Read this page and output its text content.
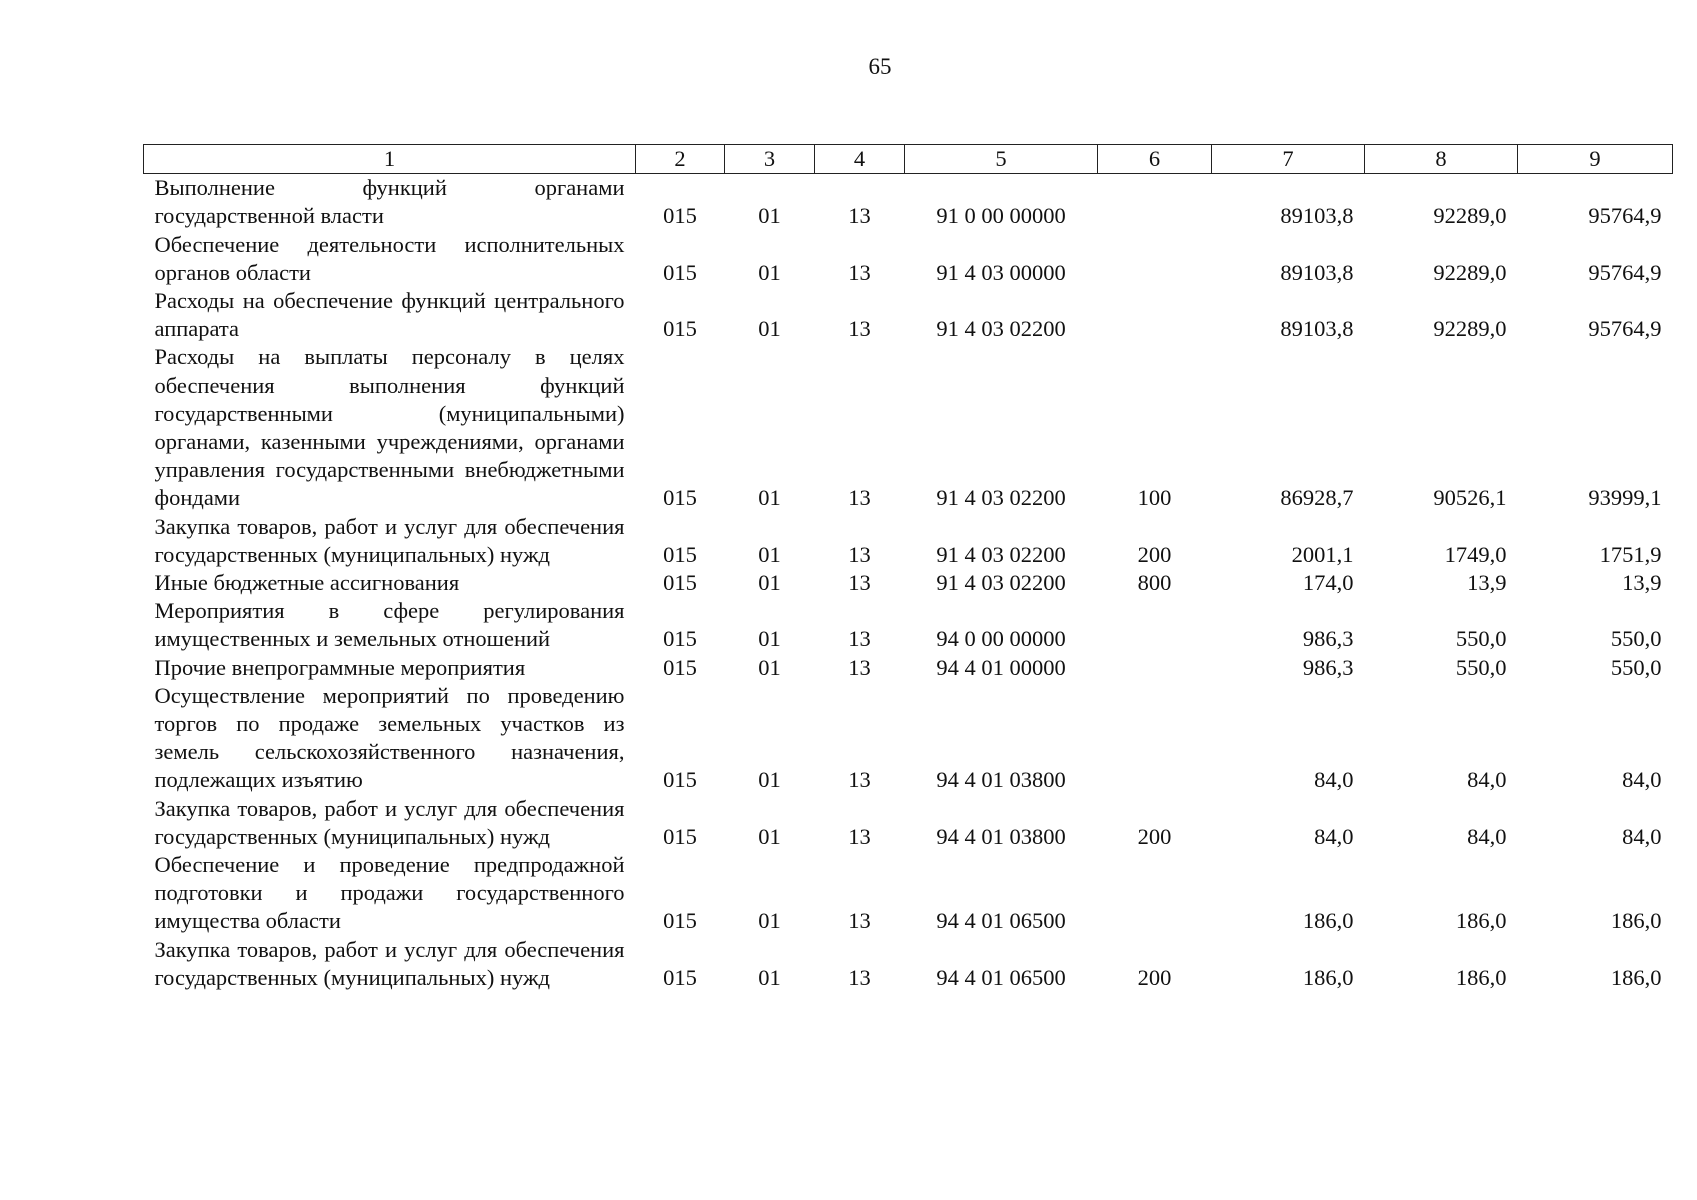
65
1	2	3	4	5	6	7	8	9
Выполнение функций органами государственной власти	015	01	13	91 0 00 00000		89103,8	92289,0	95764,9
Обеспечение деятельности исполнительных органов области	015	01	13	91 4 03 00000		89103,8	92289,0	95764,9
Расходы на обеспечение функций центрального аппарата	015	01	13	91 4 03 02200		89103,8	92289,0	95764,9
Расходы на выплаты персоналу в целях обеспечения выполнения функций государственными (муниципальными) органами, казенными учреждениями, органами управления государственными внебюджетными фондами	015	01	13	91 4 03 02200	100	86928,7	90526,1	93999,1
Закупка товаров, работ и услуг для обеспечения государственных (муниципальных) нужд	015	01	13	91 4 03 02200	200	2001,1	1749,0	1751,9
Иные бюджетные ассигнования	015	01	13	91 4 03 02200	800	174,0	13,9	13,9
Мероприятия в сфере регулирования имущественных и земельных отношений	015	01	13	94 0 00 00000		986,3	550,0	550,0
Прочие внепрограммные мероприятия	015	01	13	94 4 01 00000		986,3	550,0	550,0
Осуществление мероприятий по проведению торгов по продаже земельных участков из земель сельскохозяйственного назначения, подлежащих изъятию	015	01	13	94 4 01 03800		84,0	84,0	84,0
Закупка товаров, работ и услуг для обеспечения государственных (муниципальных) нужд	015	01	13	94 4 01 03800	200	84,0	84,0	84,0
Обеспечение и проведение предпродажной подготовки и продажи государственного имущества области	015	01	13	94 4 01 06500		186,0	186,0	186,0
Закупка товаров, работ и услуг для обеспечения государственных (муниципальных) нужд	015	01	13	94 4 01 06500	200	186,0	186,0	186,0
